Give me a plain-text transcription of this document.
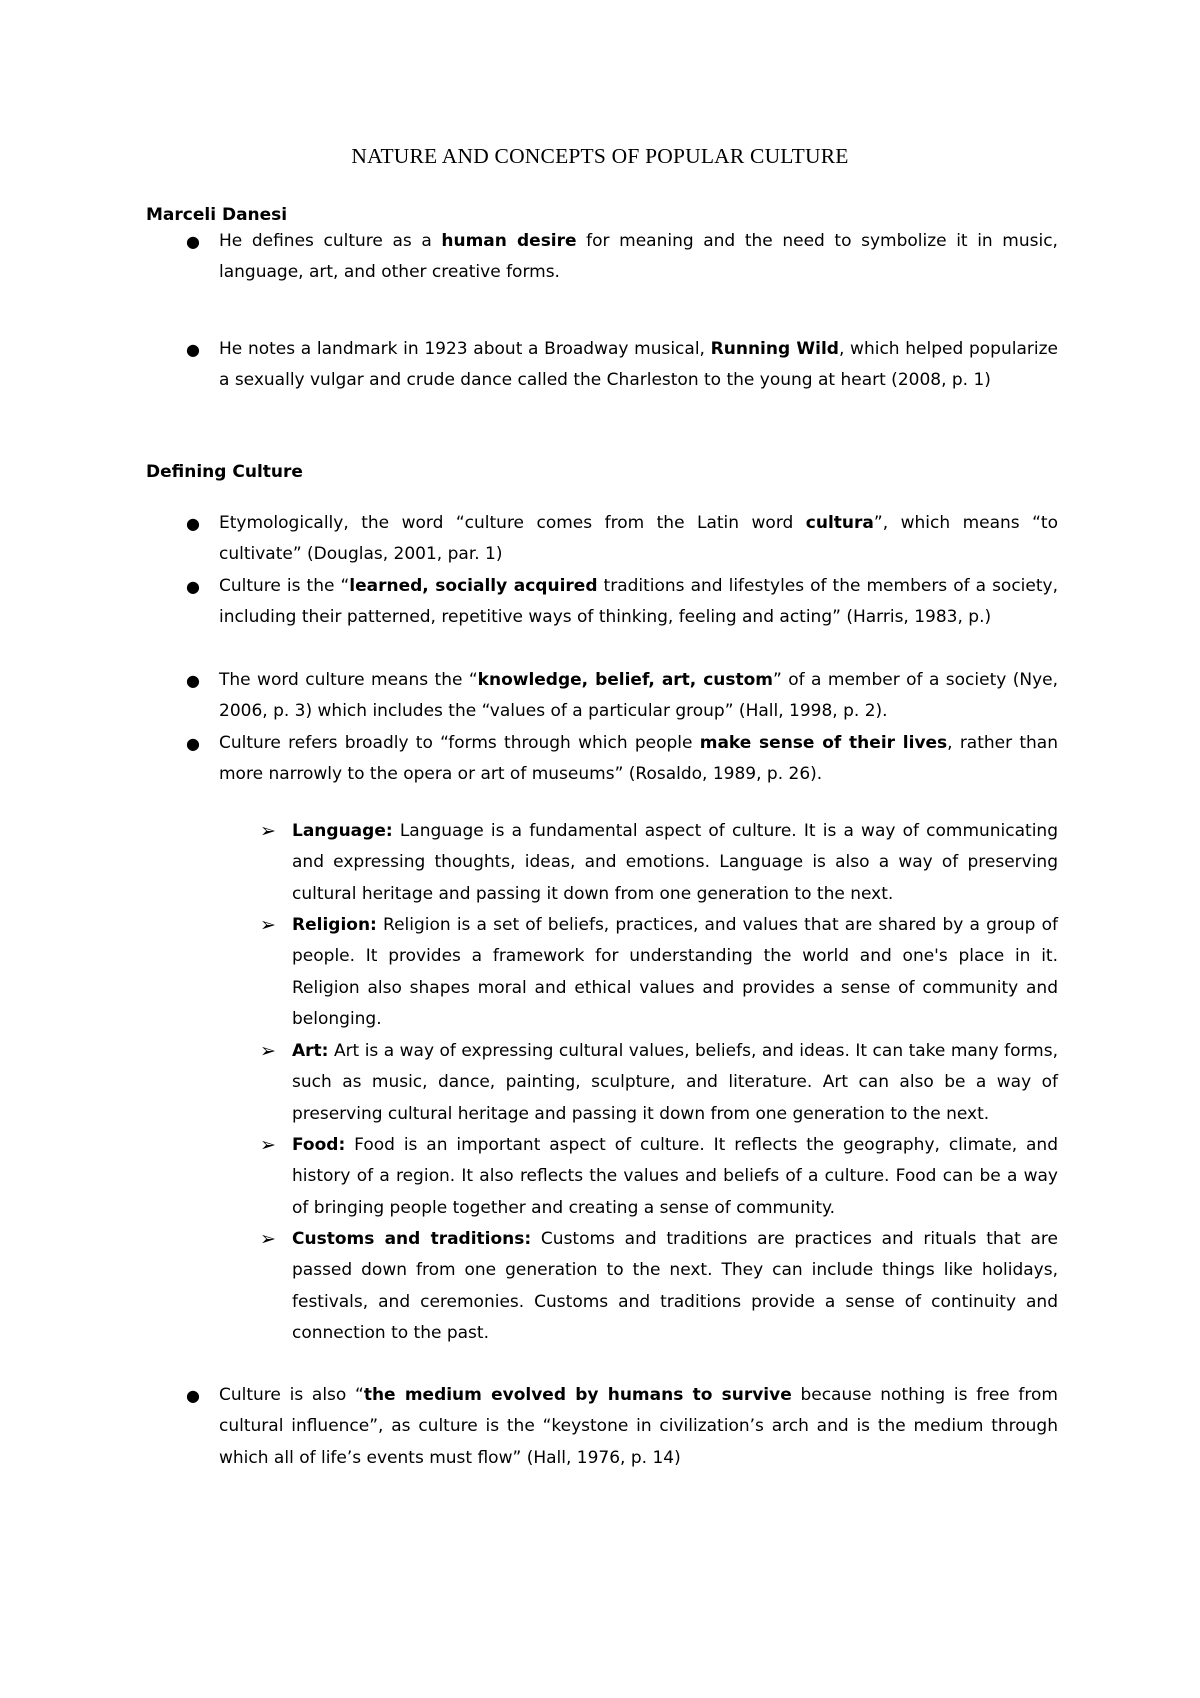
NATURE AND CONCEPTS OF POPULAR CULTURE
Marceli Danesi
● He defines culture as a human desire for meaning and the need to symbolize it in music, language, art, and other creative forms.
● He notes a landmark in 1923 about a Broadway musical, Running Wild, which helped popularize a sexually vulgar and crude dance called the Charleston to the young at heart (2008, p. 1)
Defining Culture
● Etymologically, the word “culture comes from the Latin word cultura”, which means “to cultivate” (Douglas, 2001, par. 1)
● Culture is the “learned, socially acquired traditions and lifestyles of the members of a society, including their patterned, repetitive ways of thinking, feeling and acting” (Harris, 1983, p.)
● The word culture means the “knowledge, belief, art, custom” of a member of a society (Nye, 2006, p. 3) which includes the “values of a particular group” (Hall, 1998, p. 2).
● Culture refers broadly to “forms through which people make sense of their lives, rather than more narrowly to the opera or art of museums” (Rosaldo, 1989, p. 26).
➢ Language: Language is a fundamental aspect of culture. It is a way of communicating and expressing thoughts, ideas, and emotions. Language is also a way of preserving cultural heritage and passing it down from one generation to the next.
➢ Religion: Religion is a set of beliefs, practices, and values that are shared by a group of people. It provides a framework for understanding the world and one's place in it. Religion also shapes moral and ethical values and provides a sense of community and belonging.
➢ Art: Art is a way of expressing cultural values, beliefs, and ideas. It can take many forms, such as music, dance, painting, sculpture, and literature. Art can also be a way of preserving cultural heritage and passing it down from one generation to the next.
➢ Food: Food is an important aspect of culture. It reflects the geography, climate, and history of a region. It also reflects the values and beliefs of a culture. Food can be a way of bringing people together and creating a sense of community.
➢ Customs and traditions: Customs and traditions are practices and rituals that are passed down from one generation to the next. They can include things like holidays, festivals, and ceremonies. Customs and traditions provide a sense of continuity and connection to the past.
● Culture is also “the medium evolved by humans to survive because nothing is free from cultural influence”, as culture is the “keystone in civilization’s arch and is the medium through which all of life’s events must flow” (Hall, 1976, p. 14)
